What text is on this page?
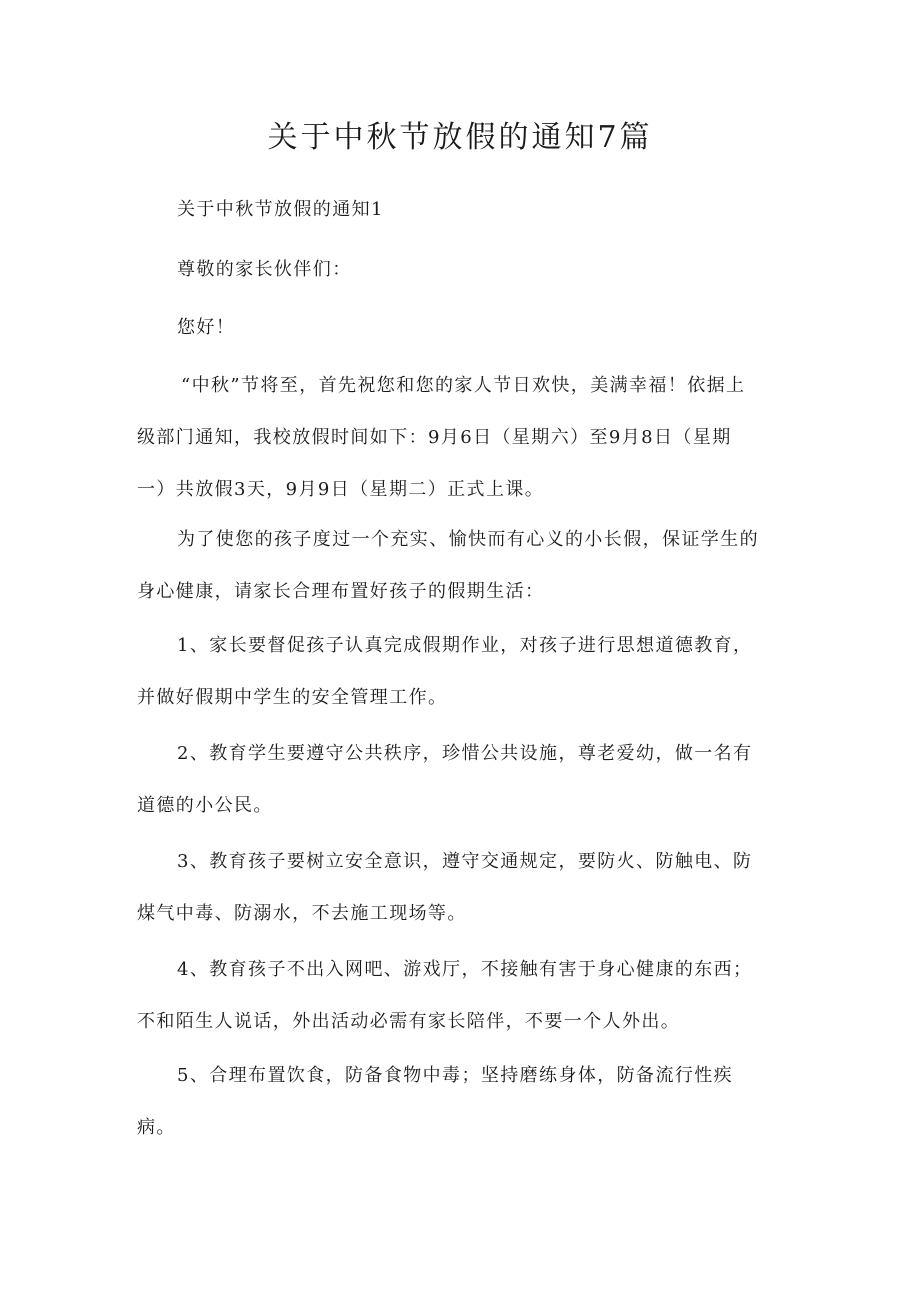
关于中秋节放假的通知7篇

关于中秋节放假的通知1

尊敬的家长伙伴们：

您好！

“中秋”节将至，首先祝您和您的家人节日欢快，美满幸福！依据上
级部门通知，我校放假时间如下：9月6日（星期六）至9月8日（星期
一）共放假3天，9月9日（星期二）正式上课。

为了使您的孩子度过一个充实、愉快而有心义的小长假，保证学生的
身心健康，请家长合理布置好孩子的假期生活：

1、家长要督促孩子认真完成假期作业，对孩子进行思想道德教育，
并做好假期中学生的安全管理工作。

2、教育学生要遵守公共秩序，珍惜公共设施，尊老爱幼，做一名有
道德的小公民。

3、教育孩子要树立安全意识，遵守交通规定，要防火、防触电、防
煤气中毒、防溺水，不去施工现场等。

4、教育孩子不出入网吧、游戏厅，不接触有害于身心健康的东西；
不和陌生人说话，外出活动必需有家长陪伴，不要一个人外出。

5、合理布置饮食，防备食物中毒；坚持磨练身体，防备流行性疾
病。
